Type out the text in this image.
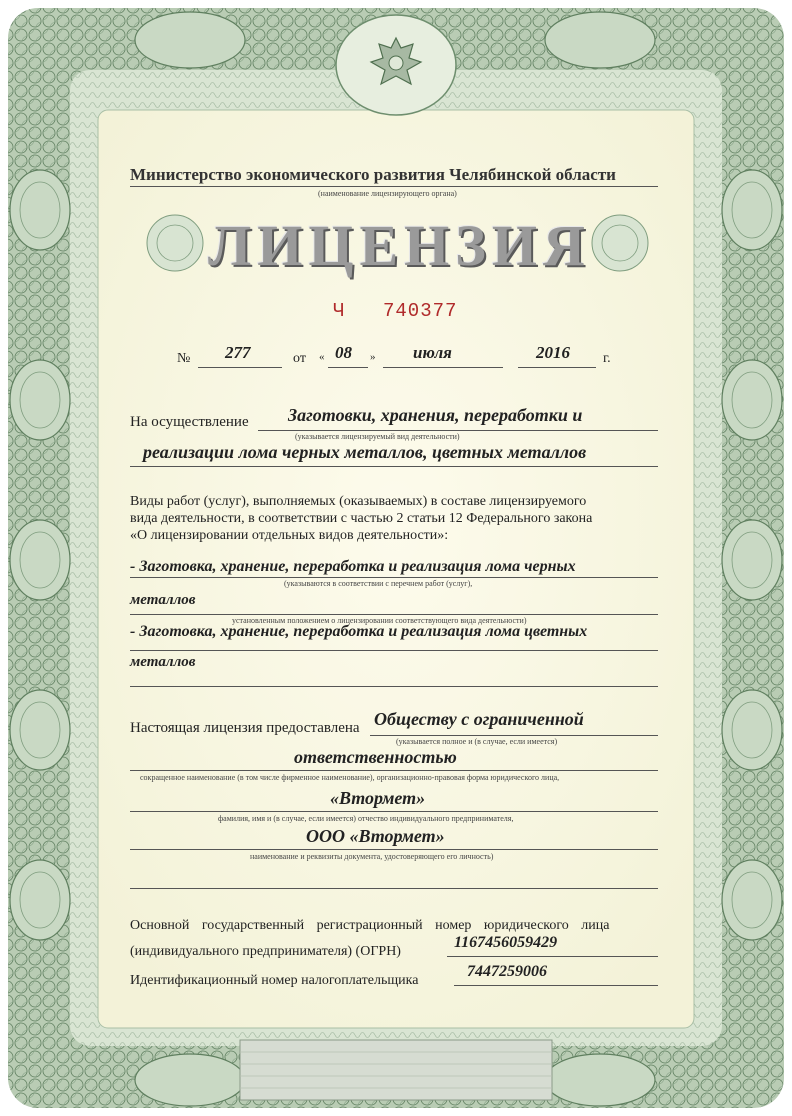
Министерство экономического развития Челябинской области
(наименование лицензирующего органа)
ЛИЦЕНЗИЯ
Ч 740377
№ 277	от « 08 » июля	2016 г.
На осуществление Заготовки, хранения, переработки и
(указывается лицензируемый вид деятельности)
реализации лома черных металлов, цветных металлов
Виды работ (услуг), выполняемых (оказываемых) в составе лицензируемого
вида деятельности, в соответствии с частью 2 статьи 12 Федерального закона
«О лицензировании отдельных видов деятельности»:
- Заготовка, хранение, переработка и реализация лома черных
(указываются в соответствии с перечнем работ (услуг),
металлов
установленным положением о лицензировании соответствующего вида деятельности)
- Заготовка, хранение, переработка и реализация лома цветных
металлов
Настоящая лицензия предоставлена Обществу с ограниченной
(указывается полное и (в случае, если имеется)
ответственностью
сокращенное наименование (в том числе фирменное наименование), организационно-правовая форма юридического лица,
«Втормет»
фамилия, имя и (в случае, если имеется) отчество индивидуального предпринимателя,
ООО «Втормет»
наименование и реквизиты документа, удостоверяющего его личность)
Основной государственный регистрационный номер юридического лица
(индивидуального предпринимателя) (ОГРН)
1167456059429
Идентификационный номер налогоплательщика
7447259006
